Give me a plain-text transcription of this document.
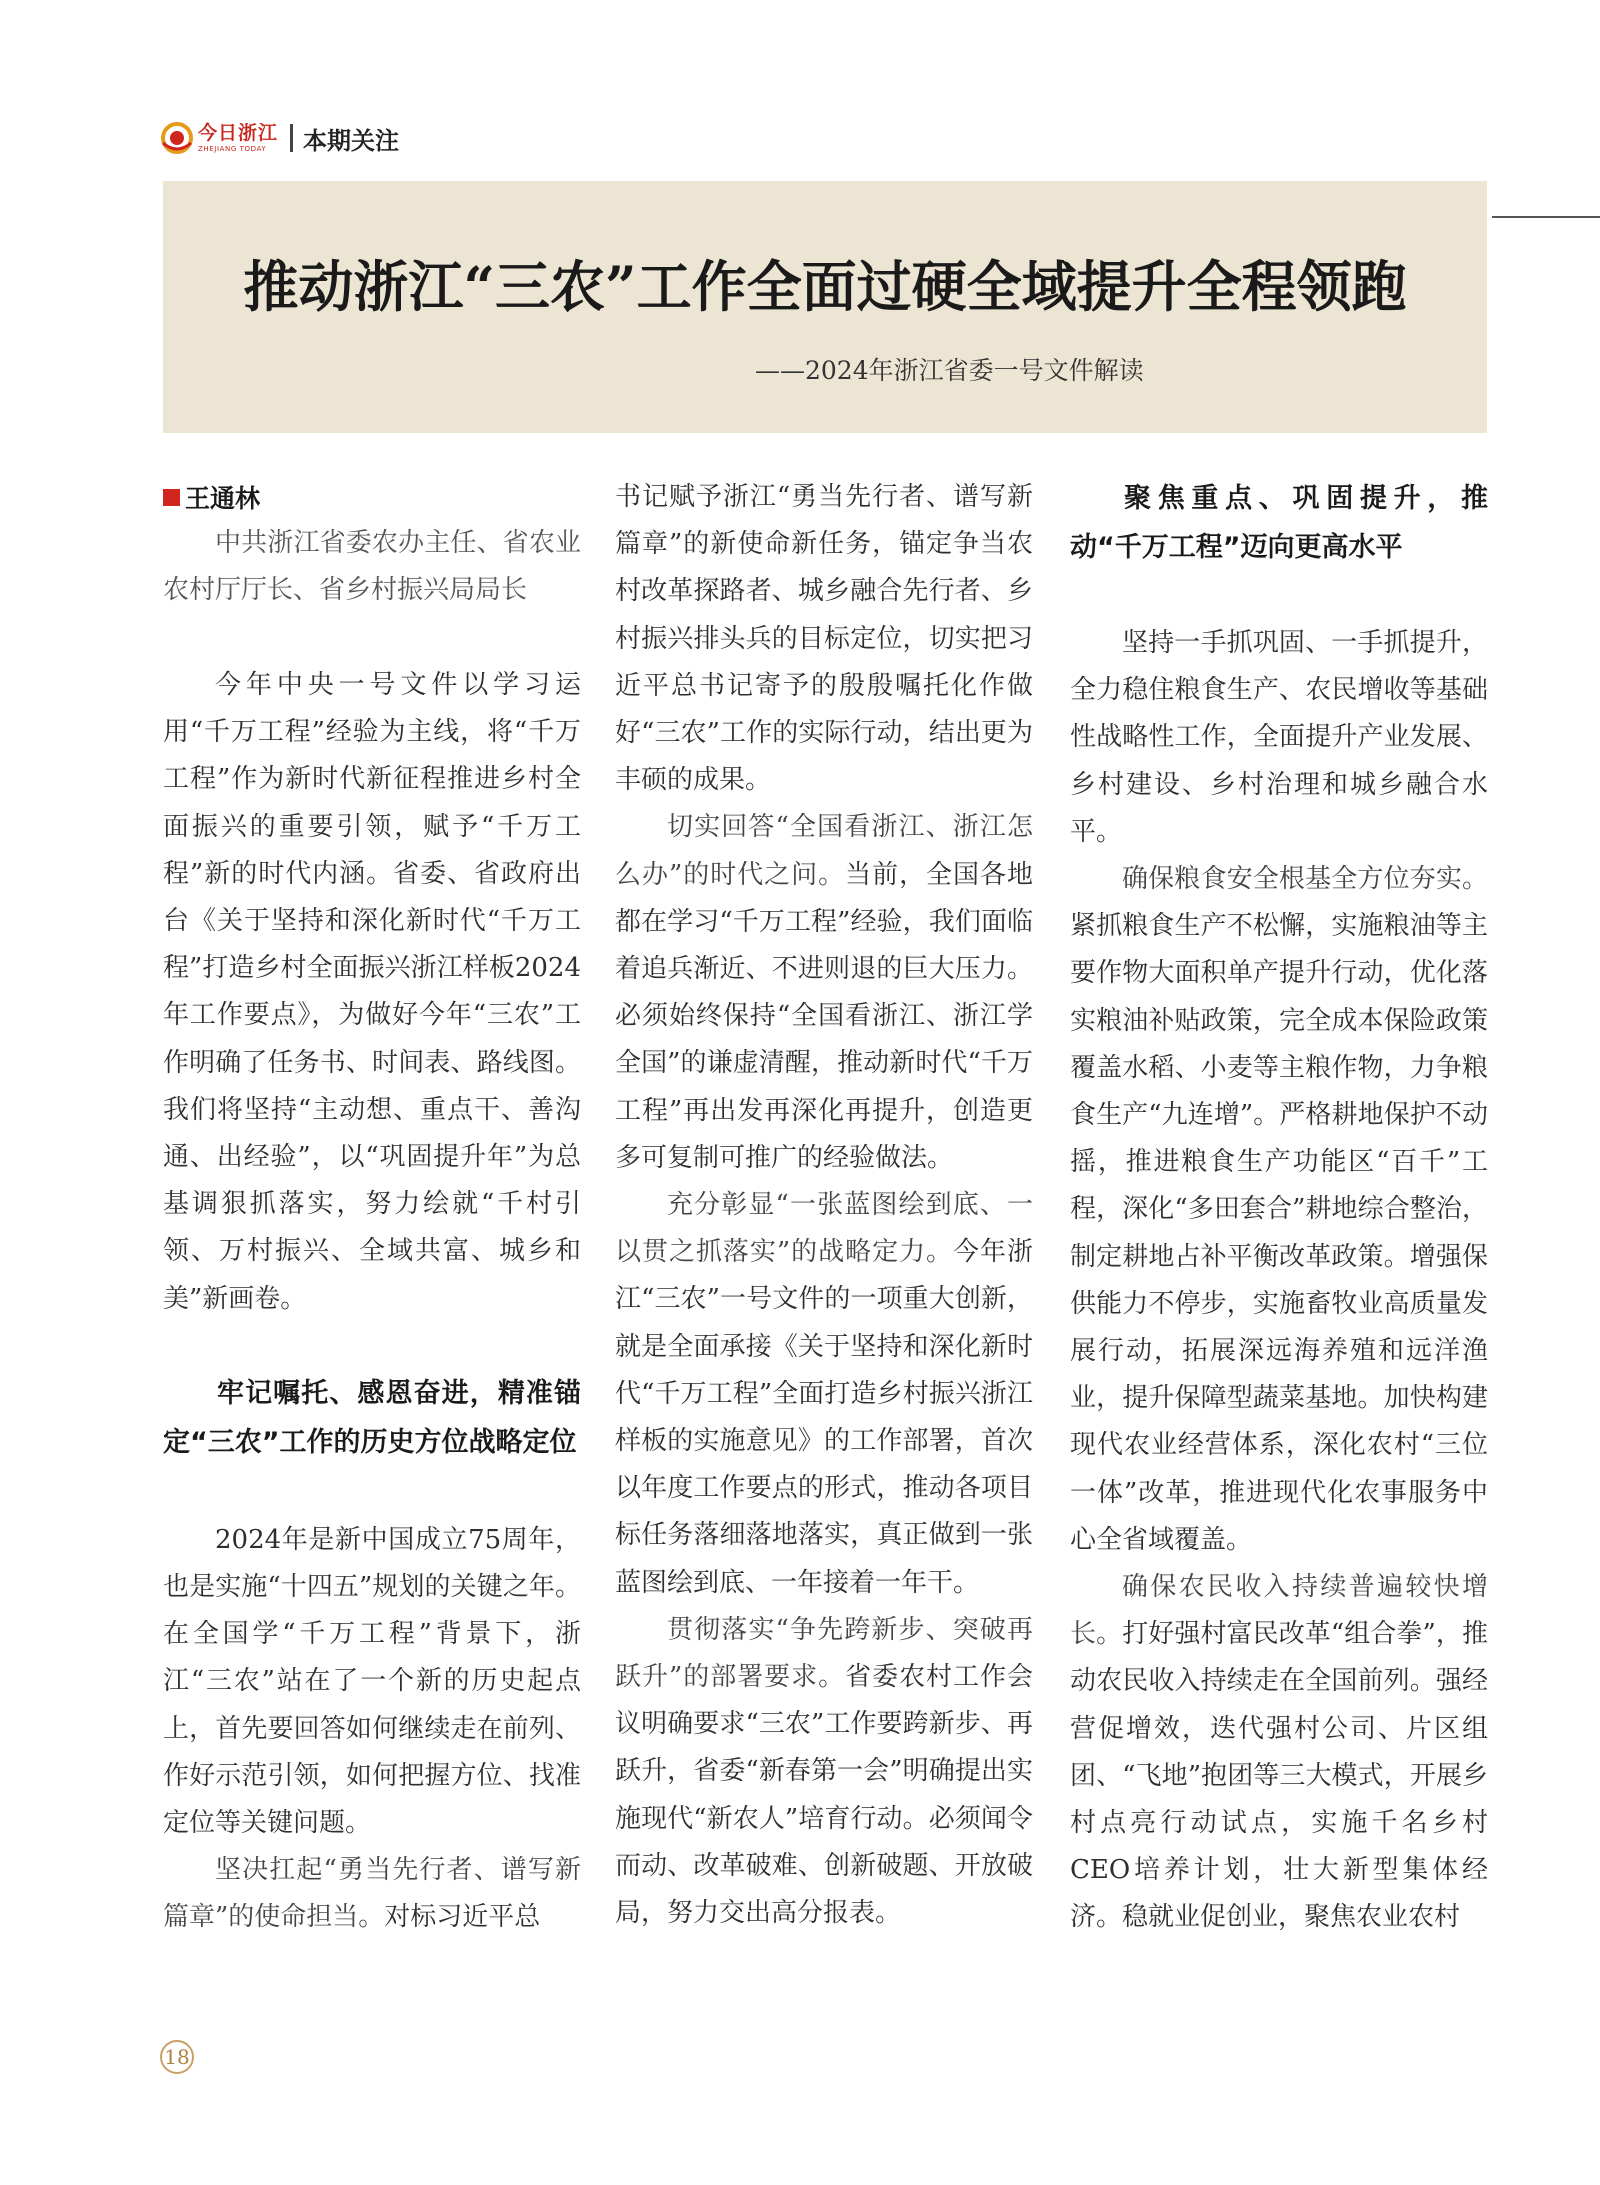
今日浙江
ZHEJIANG TODAY	本期关注
推动浙江“三农”工作全面过硬全域提升全程领跑
——2024年浙江省委一号文件解读
王通林

中共浙江省委农办主任、省农业农村厅厅长、省乡村振兴局局长

今年中央一号文件以学习运用“千万工程”经验为主线，将“千万工程”作为新时代新征程推进乡村全面振兴的重要引领，赋予“千万工程”新的时代内涵。省委、省政府出台《关于坚持和深化新时代“千万工程”打造乡村全面振兴浙江样板2024年工作要点》，为做好今年“三农”工作明确了任务书、时间表、路线图。我们将坚持“主动想、重点干、善沟通、出经验”，以“巩固提升年”为总基调狠抓落实，努力绘就“千村引领、万村振兴、全域共富、城乡和美”新画卷。

牢记嘱托、感恩奋进，精准锚定“三农”工作的历史方位战略定位

2024年是新中国成立75周年，也是实施“十四五”规划的关键之年。在全国学“千万工程”背景下，浙江“三农”站在了一个新的历史起点上，首先要回答如何继续走在前列、作好示范引领，如何把握方位、找准定位等关键问题。

坚决扛起“勇当先行者、谱写新篇章”的使命担当。对标习近平总

书记赋予浙江“勇当先行者、谱写新篇章”的新使命新任务，锚定争当农村改革探路者、城乡融合先行者、乡村振兴排头兵的目标定位，切实把习近平总书记寄予的殷殷嘱托化作做好“三农”工作的实际行动，结出更为丰硕的成果。

切实回答“全国看浙江、浙江怎么办”的时代之问。当前，全国各地都在学习“千万工程”经验，我们面临着追兵渐近、不进则退的巨大压力。必须始终保持“全国看浙江、浙江学全国”的谦虚清醒，推动新时代“千万工程”再出发再深化再提升，创造更多可复制可推广的经验做法。

充分彰显“一张蓝图绘到底、一以贯之抓落实”的战略定力。今年浙江“三农”一号文件的一项重大创新，就是全面承接《关于坚持和深化新时代“千万工程”全面打造乡村振兴浙江样板的实施意见》的工作部署，首次以年度工作要点的形式，推动各项目标任务落细落地落实，真正做到一张蓝图绘到底、一年接着一年干。

贯彻落实“争先跨新步、突破再跃升”的部署要求。省委农村工作会议明确要求“三农”工作要跨新步、再跃升，省委“新春第一会”明确提出实施现代“新农人”培育行动。必须闻令而动、改革破难、创新破题、开放破局，努力交出高分报表。

聚焦重点、巩固提升，推动“千万工程”迈向更高水平

坚持一手抓巩固、一手抓提升，全力稳住粮食生产、农民增收等基础性战略性工作，全面提升产业发展、乡村建设、乡村治理和城乡融合水平。

确保粮食安全根基全方位夯实。紧抓粮食生产不松懈，实施粮油等主要作物大面积单产提升行动，优化落实粮油补贴政策，完全成本保险政策覆盖水稻、小麦等主粮作物，力争粮食生产“九连增”。严格耕地保护不动摇，推进粮食生产功能区“百千”工程，深化“多田套合”耕地综合整治，制定耕地占补平衡改革政策。增强保供能力不停步，实施畜牧业高质量发展行动，拓展深远海养殖和远洋渔业，提升保障型蔬菜基地。加快构建现代农业经营体系，深化农村“三位一体”改革，推进现代化农事服务中心全省域覆盖。

确保农民收入持续普遍较快增长。打好强村富民改革“组合拳”，推动农民收入持续走在全国前列。强经营促增效，迭代强村公司、片区组团、“飞地”抱团等三大模式，开展乡村点亮行动试点，实施千名乡村CEO培养计划，壮大新型集体经济。稳就业促创业，聚焦农业农村

18
